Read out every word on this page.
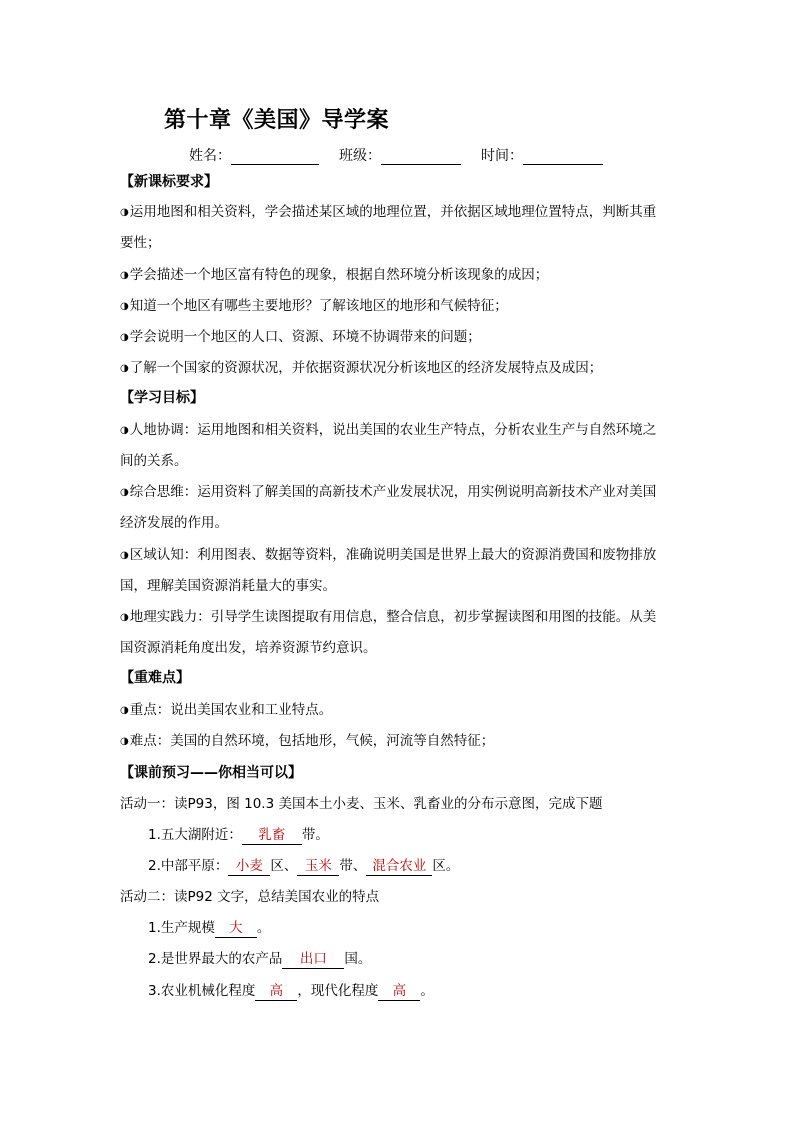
第十章《美国》导学案
姓名：	班级：	时间：
【新课标要求】
◑运用地图和相关资料，学会描述某区域的地理位置，并依据区域地理位置特点，判断其重
要性；
◑学会描述一个地区富有特色的现象，根据自然环境分析该现象的成因；
◑知道一个地区有哪些主要地形？了解该地区的地形和气候特征；
◑学会说明一个地区的人口、资源、环境不协调带来的问题；
◑了解一个国家的资源状况，并依据资源状况分析该地区的经济发展特点及成因；
【学习目标】
◑人地协调：运用地图和相关资料，说出美国的农业生产特点，分析农业生产与自然环境之
间的关系。
◑综合思维：运用资料了解美国的高新技术产业发展状况，用实例说明高新技术产业对美国
经济发展的作用。
◑区域认知：利用图表、数据等资料，准确说明美国是世界上最大的资源消费国和废物排放
国，理解美国资源消耗量大的事实。
◑地理实践力：引导学生读图提取有用信息，整合信息，初步掌握读图和用图的技能。从美
国资源消耗角度出发，培养资源节约意识。
【重难点】
◑重点：说出美国农业和工业特点。
◑难点：美国的自然环境，包括地形，气候，河流等自然特征；
【课前预习——你相当可以】
活动一：读P93，图 10.3 美国本土小麦、玉米、乳畜业的分布示意图，完成下题
1.五大湖附近： 乳畜 带。
2.中部平原： 小麦 区、 玉米 带、 混合农业 区。
活动二：读P92 文字，总结美国农业的特点
1.生产规模 大 。
2.是世界最大的农产品 出口 国。
3.农业机械化程度 高 ，现代化程度 高 。
